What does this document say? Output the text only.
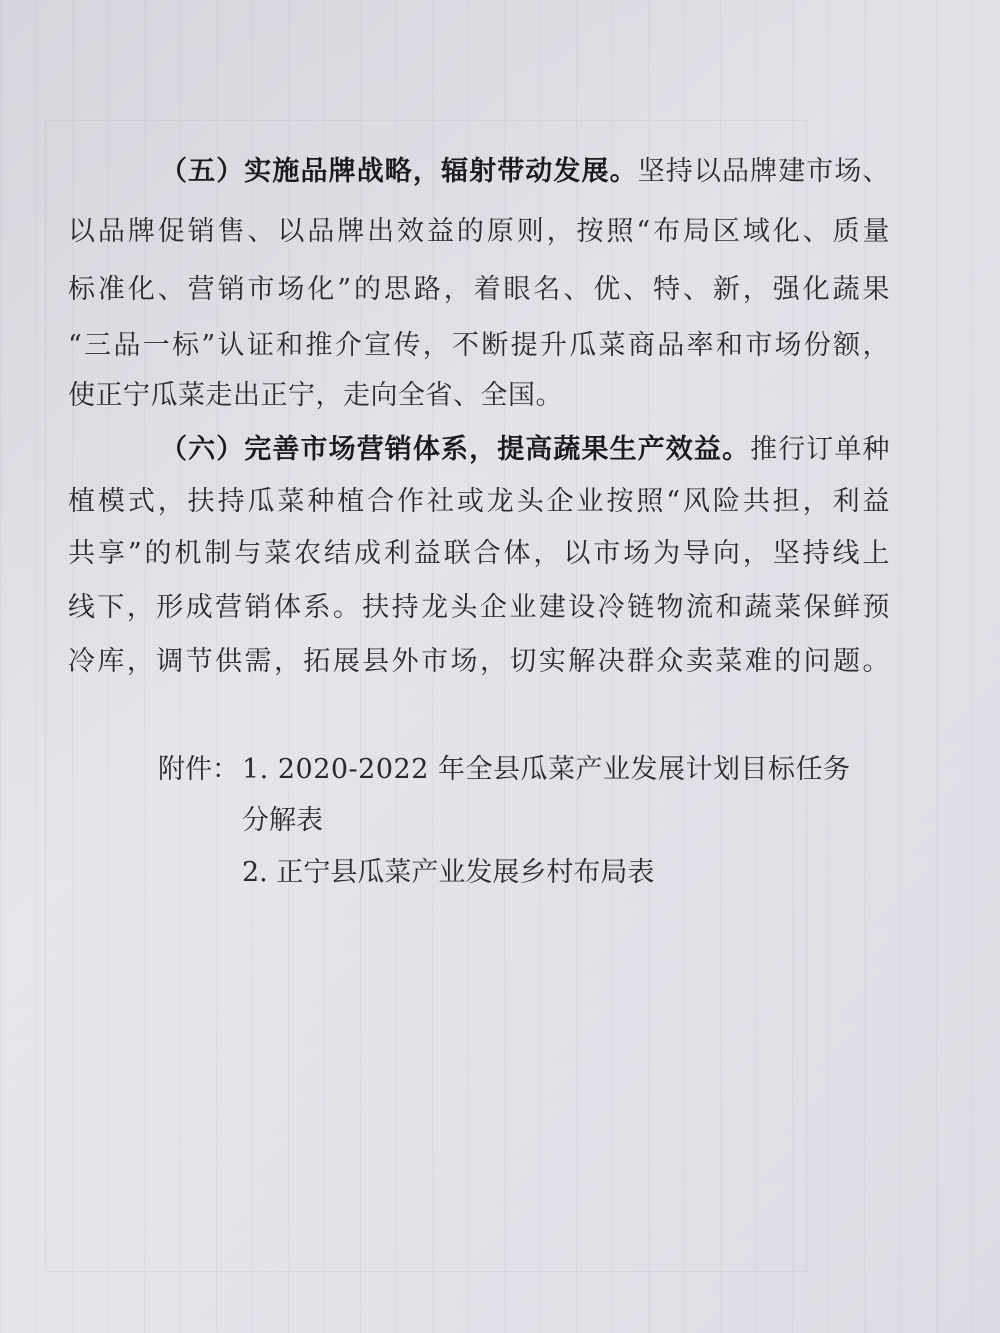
（五）实施品牌战略，辐射带动发展。坚持以品牌建市场、
以品牌促销售、以品牌出效益的原则，按照“布局区域化、质量
标准化、营销市场化”的思路，着眼名、优、特、新，强化蔬果
“三品一标”认证和推介宣传，不断提升瓜菜商品率和市场份额，
使正宁瓜菜走出正宁，走向全省、全国。
（六）完善市场营销体系，提高蔬果生产效益。推行订单种
植模式，扶持瓜菜种植合作社或龙头企业按照“风险共担，利益
共享”的机制与菜农结成利益联合体，以市场为导向，坚持线上
线下，形成营销体系。扶持龙头企业建设冷链物流和蔬菜保鲜预
冷库，调节供需，拓展县外市场，切实解决群众卖菜难的问题。
附件： 1. 2020-2022 年全县瓜菜产业发展计划目标任务
分解表
2. 正宁县瓜菜产业发展乡村布局表
